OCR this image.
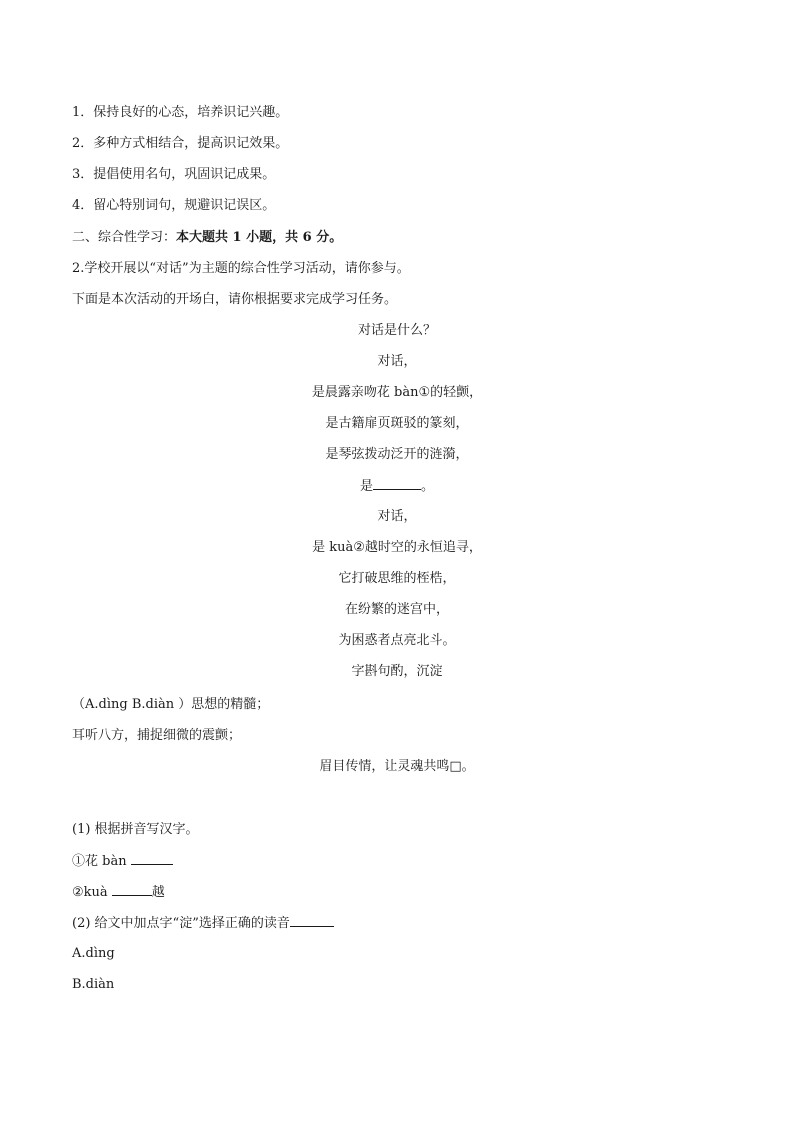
1．保持良好的心态，培养识记兴趣。
2．多种方式相结合，提高识记效果。
3．提倡使用名句，巩固识记成果。
4．留心特别词句，规避识记误区。
二、综合性学习：本大题共 1 小题，共 6 分。
2.学校开展以“对话”为主题的综合性学习活动，请你参与。
下面是本次活动的开场白，请你根据要求完成学习任务。
对话是什么？
对话，
是晨露亲吻花 bàn①的轻颤，
是古籍扉页斑驳的篆刻，
是琴弦拨动泛开的涟漪，
是	。
对话，
是 kuà②越时空的永恒追寻，
它打破思维的桎梏，
在纷繁的迷宫中，
为困惑者点亮北斗。
字斟句酌，沉淀
（A.dìng B.diàn ）思想的精髓；
耳听八方，捕捉细微的震颤；
眉目传情，让灵魂共鸣□。
(1) 根据拼音写汉字。
①花 bàn
②kuà	越
(2) 给文中加点字“淀”选择正确的读音
A.dìng
B.diàn
